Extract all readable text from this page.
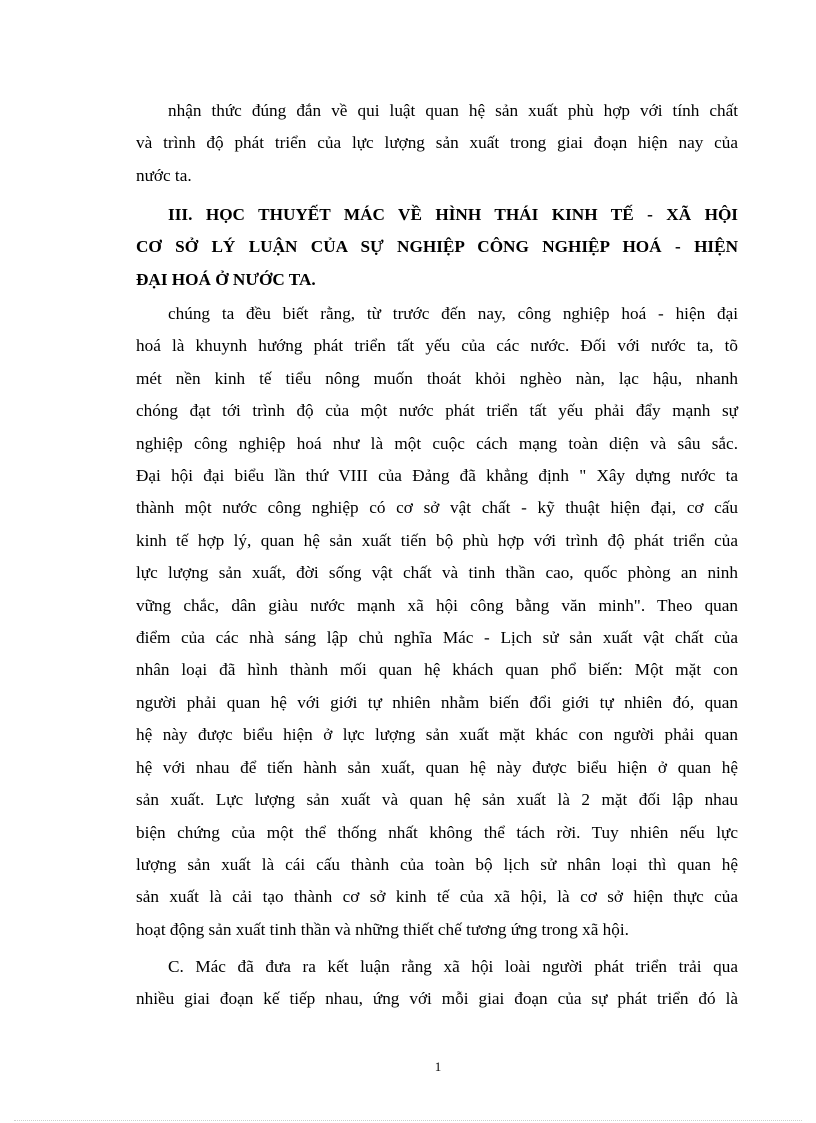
nhận thức đúng đắn về qui luật quan hệ sản xuất phù hợp với tính chất
và trình độ phát triển của lực lượng sản xuất trong giai đoạn hiện nay của
nước ta.
III. HỌC THUYẾT MÁC VỀ HÌNH THÁI KINH TẾ - XÃ HỘI
CƠ SỞ LÝ LUẬN CỦA SỰ NGHIỆP CÔNG NGHIỆP HOÁ - HIỆN
ĐẠI HOÁ Ở NƯỚC TA.
chúng ta đều biết rằng, từ trước đến nay, công nghiệp hoá - hiện đại
hoá là khuynh hướng phát triển tất yếu của các nước. Đối với nước ta, tõ
mét nền kinh tế tiểu nông muốn thoát khỏi nghèo nàn, lạc hậu, nhanh
chóng đạt tới trình độ của một nước phát triển tất yếu phải đẩy mạnh sự
nghiệp công nghiệp hoá như là một cuộc cách mạng toàn diện và sâu sắc.
Đại hội đại biểu lần thứ VIII của Đảng đã khẳng định " Xây dựng nước ta
thành một nước công nghiệp có cơ sở vật chất - kỹ thuật hiện đại, cơ cấu
kinh tế hợp lý, quan hệ sản xuất tiến bộ phù hợp với trình độ phát triển của
lực lượng sản xuất, đời sống vật chất và tinh thần cao, quốc phòng an ninh
vững chắc, dân giàu nước mạnh xã hội công bằng văn minh". Theo quan
điểm của các nhà sáng lập chủ nghĩa Mác - Lịch sử sản xuất vật chất của
nhân loại đã hình thành mối quan hệ khách quan phổ biến: Một mặt con
người phải quan hệ với giới tự nhiên nhằm biến đổi giới tự nhiên đó, quan
hệ này được biểu hiện ở lực lượng sản xuất mặt khác con người phải quan
hệ với nhau để tiến hành sản xuất, quan hệ này được biểu hiện ở quan hệ
sản xuất. Lực lượng sản xuất và quan hệ sản xuất là 2 mặt đối lập nhau
biện chứng của một thể thống nhất không thể tách rời. Tuy nhiên nếu lực
lượng sản xuất là cái cấu thành của toàn bộ lịch sử nhân loại thì quan hệ
sản xuất là cải tạo thành cơ sở kinh tế của xã hội, là cơ sở hiện thực của
hoạt động sản xuất tinh thần và những thiết chế tương ứng trong xã hội.
C. Mác đã đưa ra kết luận rằng xã hội loài người phát triển trải qua
nhiều giai đoạn kế tiếp nhau, ứng với mỗi giai đoạn của sự phát triển đó là
1
